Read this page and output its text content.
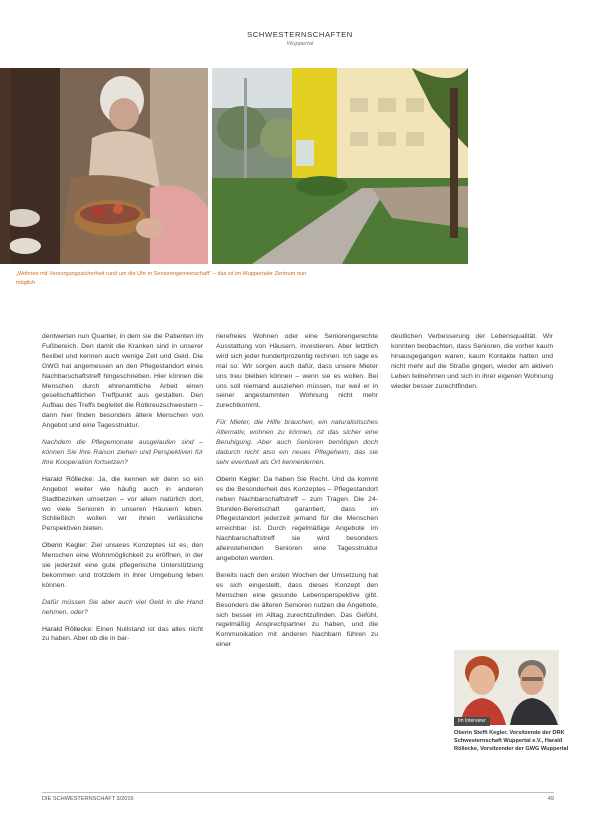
SCHWESTERNSCHAFTEN
Wuppertal
„Wohnen mit Versorgungssicherheit rund um die Uhr in Seniorengemeinschaft“ – das ist im Wuppertaler Zentrum nun möglich

dentwerten nun Quartier, in dem sie die Patienten im Fußbereich. Den damit die Kranken sind in unserer flexibel und kennen auch wenige Zeit und Geld. Die GWG hat angemessen an den Pflegestandort eines Nachbarschaftstreff hingeschrieben. Hier können die Menschen durch ehrenamtliche Arbeit einen gesellschaftlichen Treffpunkt aus gestalten. Den Aufbau des Treffs begleitet die Rotkreuzschwestern – dann hier finden besonders ältere Menschen von Angebot und eine Tagesstruktur.

Nachdem die Pflegemonate ausgelaufen sind – können Sie Ihre Raison ziehen und Perspektiven für Ihre Kooperation fortsetzen?

Harald Röllecke: Ja, die kennen wir denn so ein Angebot weiter wie häufig auch in anderen Stadtbezirken umsetzen – vor allem natürlich dort, wo viele Senioren in unseren Häusern leben. Schließlich wollen wir ihnen verlässliche Perspektiven bieten.

Oberin Kegler: Ziel unseres Konzeptes ist es, den Menschen eine Wohnmöglichkeit zu eröffnen, in der sie jederzeit eine gute pflegerische Unterstützung bekommen und trotzdem in ihrer Umgebung leben können.

Dafür müssen Sie aber auch viel Geld in die Hand nehmen, oder?

Harald Röllecke: Einen Nullstand ist das alles nicht zu haben. Aber ob die in bar-

rierefreies Wohnen oder eine Seniorengerechte Ausstattung von Häusern, investieren. Aber letztlich wird sich jeder hundertprozentig rechnen. Ich sage es mal so: Wir sorgen auch dafür, dass unsere Mieter uns treu bleiben können – wenn sie es wollen. Bei uns soll niemand ausziehen müssen, nur weil er in seiner angestammten Wohnung nicht mehr zurechtkommt.

Für Mieter, die Hilfe brauchen, ein naturalistisches Alternativ, wohnen zu können, ist das sicher eine Beruhigung. Aber auch Senioren benötigen doch dadurch nicht also ein neues Pflegeheim, das sie sehr eventuell als Ort kennenlernen.

Oberin Kegler: Da haben Sie Recht. Und da kommt es die Besonderheit des Konzeptes – Pflegestandort neben Nachbarschaftstreff – zum Tragen. Die 24-Stunden-Bereitschaft garantiert, dass im Pflegestandort jederzeit jemand für die Menschen erreichbar ist. Durch regelmäßige Angebote im Nachbarschaftstreff sie wird besonders alleinstehenden Senioren eine Tagesstruktur angeboten werden.

Bereits nach den ersten Wochen der Umsetzung hat es sich eingestellt, dass dieses Konzept den Menschen eine gesunde Lebensperspektive gibt. Besonders die älteren Senioren nutzen die Angebote, sich besser im Alltag zurechtzufinden. Das Gefühl, regelmäßig Ansprechpartner zu haben, und die Kommunikation mit anderen Nachbarn führen zu einer

deutlichen Verbesserung der Lebensqualität. Wir konnten beobachten, dass Senioren, die vorher kaum hinausgegangen waren, kaum Kontakte hatten und nicht mehr auf die Straße gingen, wieder am aktiven Leben teilnehmen und sich in ihrer eigenen Wohnung wieder besser zurechtfinden.

Im Interview:
Oberin Steffi Kegler, Vorsitzende der DRK Schwesternschaft Wuppertal e.V., Harald Röllecke, Vorsitzender der GWG Wuppertal
DIE SCHWESTERNSCHAFT 3/2016	49
